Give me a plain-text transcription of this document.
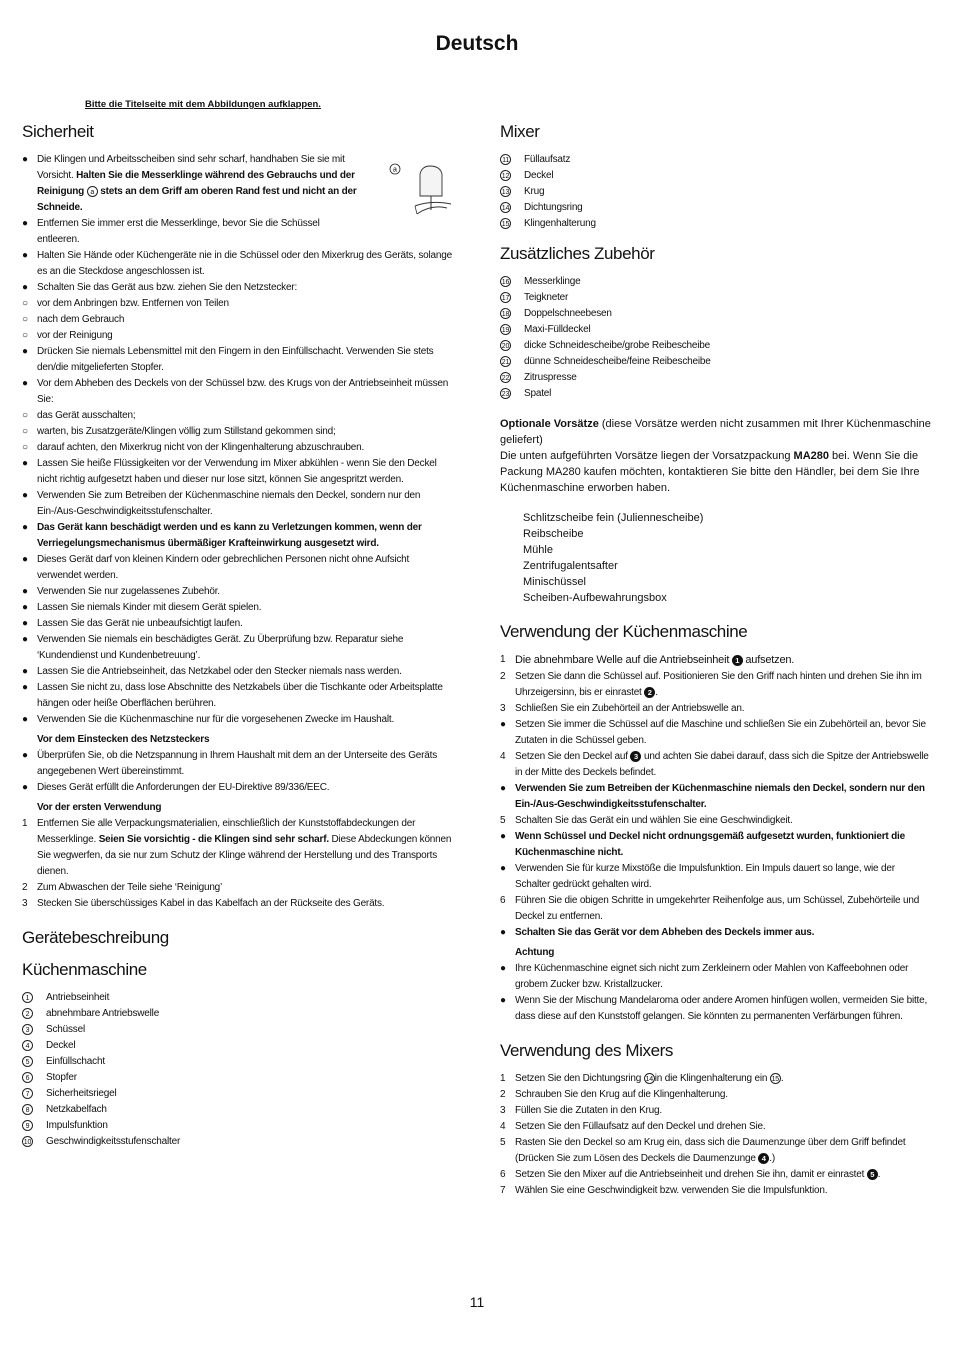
Deutsch
Bitte die Titelseite mit dem Abbildungen aufklappen.
Sicherheit
a
● Die Klingen und Arbeitsscheiben sind sehr scharf, handhaben Sie sie mit Vorsicht. Halten Sie die Messerklinge während des Gebrauchs und der Reinigung a stets an dem Griff am oberen Rand fest und nicht an der Schneide.
● Entfernen Sie immer erst die Messerklinge, bevor Sie die Schüssel entleeren.
● Halten Sie Hände oder Küchengeräte nie in die Schüssel oder den Mixerkrug des Geräts, solange es an die Steckdose angeschlossen ist.
● Schalten Sie das Gerät aus bzw. ziehen Sie den Netzstecker:
○ vor dem Anbringen bzw. Entfernen von Teilen
○ nach dem Gebrauch
○ vor der Reinigung
● Drücken Sie niemals Lebensmittel mit den Fingern in den Einfüllschacht. Verwenden Sie stets den/die mitgelieferten Stopfer.
● Vor dem Abheben des Deckels von der Schüssel bzw. des Krugs von der Antriebseinheit müssen Sie:
○ das Gerät ausschalten;
○ warten, bis Zusatzgeräte/Klingen völlig zum Stillstand gekommen sind;
○ darauf achten, den Mixerkrug nicht von der Klingenhalterung abzuschrauben.
● Lassen Sie heiße Flüssigkeiten vor der Verwendung im Mixer abkühlen - wenn Sie den Deckel nicht richtig aufgesetzt haben und dieser nur lose sitzt, können Sie angespritzt werden.
● Verwenden Sie zum Betreiben der Küchenmaschine niemals den Deckel, sondern nur den Ein-/Aus-Geschwindigkeitsstufenschalter.
● Das Gerät kann beschädigt werden und es kann zu Verletzungen kommen, wenn der Verriegelungsmechanismus übermäßiger Krafteinwirkung ausgesetzt wird.
● Dieses Gerät darf von kleinen Kindern oder gebrechlichen Personen nicht ohne Aufsicht verwendet werden.
● Verwenden Sie nur zugelassenes Zubehör.
● Lassen Sie niemals Kinder mit diesem Gerät spielen.
● Lassen Sie das Gerät nie unbeaufsichtigt laufen.
● Verwenden Sie niemals ein beschädigtes Gerät. Zu Überprüfung bzw. Reparatur siehe ‘Kundendienst und Kundenbetreuung’.
● Lassen Sie die Antriebseinheit, das Netzkabel oder den Stecker niemals nass werden.
● Lassen Sie nicht zu, dass lose Abschnitte des Netzkabels über die Tischkante oder Arbeitsplatte hängen oder heiße Oberflächen berühren.
● Verwenden Sie die Küchenmaschine nur für die vorgesehenen Zwecke im Haushalt.
Vor dem Einstecken des Netzsteckers
● Überprüfen Sie, ob die Netzspannung in Ihrem Haushalt mit dem an der Unterseite des Geräts angegebenen Wert übereinstimmt.
● Dieses Gerät erfüllt die Anforderungen der EU-Direktive 89/336/EEC.
Vor der ersten Verwendung
1 Entfernen Sie alle Verpackungsmaterialien, einschließlich der Kunststoffabdeckungen der Messerklinge. Seien Sie vorsichtig - die Klingen sind sehr scharf. Diese Abdeckungen können Sie wegwerfen, da sie nur zum Schutz der Klinge während der Herstellung und des Transports dienen.
2 Zum Abwaschen der Teile siehe ‘Reinigung’
3 Stecken Sie überschüssiges Kabel in das Kabelfach an der Rückseite des Geräts.
Gerätebeschreibung
Küchenmaschine
1	Antriebseinheit
2	abnehmbare Antriebswelle
3	Schüssel
4	Deckel
5	Einfüllschacht
6	Stopfer
7	Sicherheitsriegel
8	Netzkabelfach
9	Impulsfunktion
10 Geschwindigkeitsstufenschalter
Mixer
11 Füllaufsatz
12 Deckel
13 Krug
14 Dichtungsring
15 Klingenhalterung
Zusätzliches Zubehör
16 Messerklinge
17 Teigkneter
18 Doppelschneebesen
19 Maxi-Fülldeckel
20 dicke Schneidescheibe/grobe Reibescheibe
21 dünne Schneidescheibe/feine Reibescheibe
22 Zitruspresse
23 Spatel
Optionale Vorsätze (diese Vorsätze werden nicht zusammen mit Ihrer Küchenmaschine geliefert)
Die unten aufgeführten Vorsätze liegen der Vorsatzpackung MA280 bei. Wenn Sie die Packung MA280 kaufen möchten, kontaktieren Sie bitte den Händler, bei dem Sie Ihre Küchenmaschine erworben haben.
Schlitzscheibe fein (Juliennescheibe)
Reibscheibe
Mühle
Zentrifugalentsafter
Minischüssel
Scheiben-Aufbewahrungsbox
Verwendung der Küchenmaschine
1 Die abnehmbare Welle auf die Antriebseinheit 1 aufsetzen.
2 Setzen Sie dann die Schüssel auf. Positionieren Sie den Griff nach hinten und drehen Sie ihn im Uhrzeigersinn, bis er einrastet 2 .
3 Schließen Sie ein Zubehörteil an der Antriebswelle an.
● Setzen Sie immer die Schüssel auf die Maschine und schließen Sie ein Zubehörteil an, bevor Sie Zutaten in die Schüssel geben.
4 Setzen Sie den Deckel auf 3 und achten Sie dabei darauf, dass sich die Spitze der Antriebswelle in der Mitte des Deckels befindet.
● Verwenden Sie zum Betreiben der Küchenmaschine niemals den Deckel, sondern nur den Ein-/Aus-Geschwindigkeitsstufenschalter.
5 Schalten Sie das Gerät ein und wählen Sie eine Geschwindigkeit.
● Wenn Schüssel und Deckel nicht ordnungsgemäß aufgesetzt wurden, funktioniert die Küchenmaschine nicht.
● Verwenden Sie für kurze Mixstöße die Impulsfunktion. Ein Impuls dauert so lange, wie der Schalter gedrückt gehalten wird.
6 Führen Sie die obigen Schritte in umgekehrter Reihenfolge aus, um Schüssel, Zubehörteile und Deckel zu entfernen.
● Schalten Sie das Gerät vor dem Abheben des Deckels immer aus.
Achtung
● Ihre Küchenmaschine eignet sich nicht zum Zerkleinern oder Mahlen von Kaffeebohnen oder grobem Zucker bzw. Kristallzucker.
● Wenn Sie der Mischung Mandelaroma oder andere Aromen hinfügen wollen, vermeiden Sie bitte, dass diese auf den Kunststoff gelangen. Sie könnten zu permanenten Verfärbungen führen.
Verwendung des Mixers
1 Setzen Sie den Dichtungsring 14 in die Klingenhalterung ein 15 .
2 Schrauben Sie den Krug auf die Klingenhalterung.
3 Füllen Sie die Zutaten in den Krug.
4 Setzen Sie den Füllaufsatz auf den Deckel und drehen Sie.
5 Rasten Sie den Deckel so am Krug ein, dass sich die Daumenzunge über dem Griff befindet (Drücken Sie zum Lösen des Deckels die Daumenzunge 4 .)
6 Setzen Sie den Mixer auf die Antriebseinheit und drehen Sie ihn, damit er einrastet 5 .
7 Wählen Sie eine Geschwindigkeit bzw. verwenden Sie die Impulsfunktion.
11
